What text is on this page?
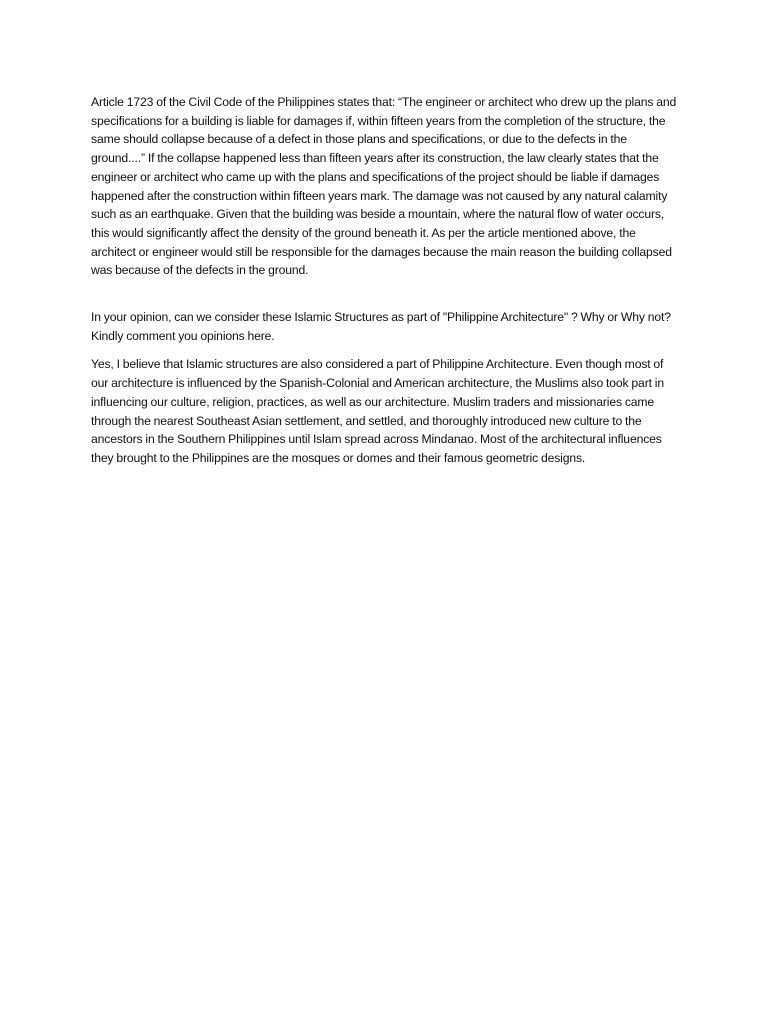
Article 1723 of the Civil Code of the Philippines states that: “The engineer or architect who drew up the plans and specifications for a building is liable for damages if, within fifteen years from the completion of the structure, the same should collapse because of a defect in those plans and specifications, or due to the defects in the ground....” If the collapse happened less than fifteen years after its construction, the law clearly states that the engineer or architect who came up with the plans and specifications of the project should be liable if damages happened after the construction within fifteen years mark. The damage was not caused by any natural calamity such as an earthquake. Given that the building was beside a mountain, where the natural flow of water occurs, this would significantly affect the density of the ground beneath it. As per the article mentioned above, the architect or engineer would still be responsible for the damages because the main reason the building collapsed was because of the defects in the ground.

In your opinion, can we consider these Islamic Structures as part of "Philippine Architecture" ? Why or Why not? Kindly comment you opinions here.

Yes, I believe that Islamic structures are also considered a part of Philippine Architecture. Even though most of our architecture is influenced by the Spanish-Colonial and American architecture, the Muslims also took part in influencing our culture, religion, practices, as well as our architecture. Muslim traders and missionaries came through the nearest Southeast Asian settlement, and settled, and thoroughly introduced new culture to the ancestors in the Southern Philippines until Islam spread across Mindanao. Most of the architectural influences they brought to the Philippines are the mosques or domes and their famous geometric designs.
